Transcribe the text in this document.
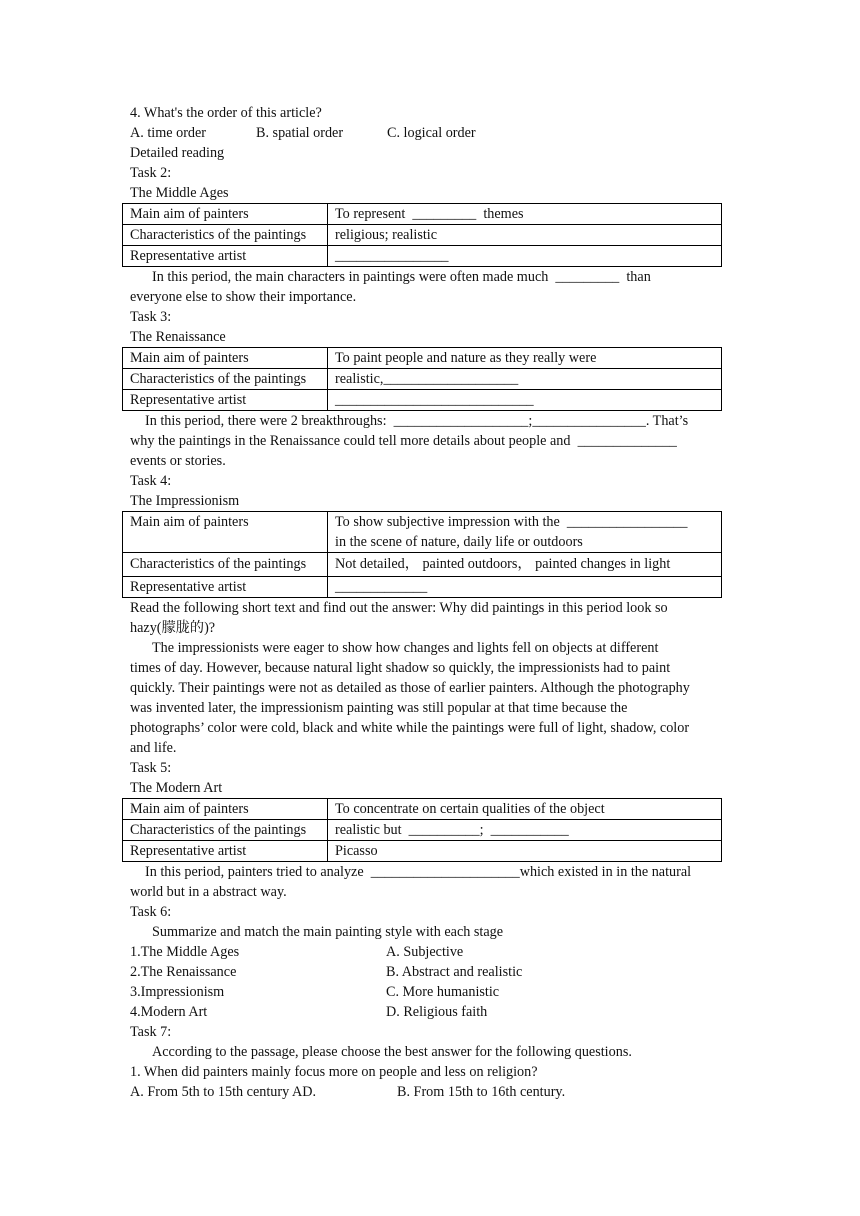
4. What's the order of this article?
A. time order	B. spatial order	C. logical order
Detailed reading
Task 2:
The Middle Ages
Main aim of painters	To represent  _________  themes
Characteristics of the paintings	religious; realistic
Representative artist	________________
In this period, the main characters in paintings were often made much  _________  than
everyone else to show their importance.
Task 3:
The Renaissance
Main aim of painters	To paint people and nature as they really were
Characteristics of the paintings	realistic,___________________
Representative artist	____________________________
In this period, there were 2 breakthroughs:  ___________________;________________. That’s
why the paintings in the Renaissance could tell more details about people and  ______________
events or stories.
Task 4:
The Impressionism
Main aim of painters	To show subjective impression with the  _________________
in the scene of nature, daily life or outdoors

Characteristics of the paintings	Not detailed， painted outdoors， painted changes in light
Representative artist	_____________
Read the following short text and find out the answer: Why did paintings in this period look so
hazy(朦胧的)?
The impressionists were eager to show how changes and lights fell on objects at different
times of day. However, because natural light shadow so quickly, the impressionists had to paint
quickly. Their paintings were not as detailed as those of earlier painters. Although the photography
was invented later, the impressionism painting was still popular at that time because the
photographs’ color were cold, black and white while the paintings were full of light, shadow, color
and life.
Task 5:
The Modern Art
Main aim of painters	To concentrate on certain qualities of the object
Characteristics of the paintings	realistic but  __________;  ___________
Representative artist	Picasso
In this period, painters tried to analyze  _____________________which existed in in the natural
world but in a abstract way.
Task 6:
Summarize and match the main painting style with each stage
1.The Middle Ages	A. Subjective
2.The Renaissance	B. Abstract and realistic
3.Impressionism	C. More humanistic
4.Modern Art	D. Religious faith
Task 7:
According to the passage, please choose the best answer for the following questions.
1. When did painters mainly focus more on people and less on religion?
A. From 5th to 15th century AD.	B. From 15th to 16th century.
